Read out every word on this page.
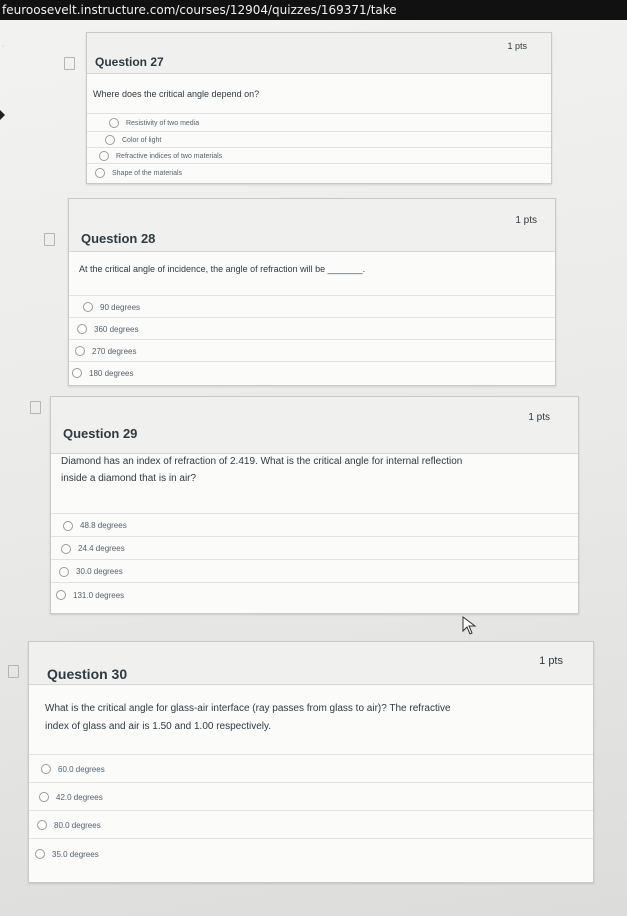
feuroosevelt.instructure.com/courses/12904/quizzes/169371/take
·
Question 27
1 pts
Where does the critical angle depend on?
Resistivity of two media
Color of light
Refractive indices of two materials
Shape of the materials
Question 28
1 pts
At the critical angle of incidence, the angle of refraction will be _______.
90 degrees
360 degrees
270 degrees
180 degrees
Question 29
1 pts
Diamond has an index of refraction of 2.419. What is the critical angle for internal reflection
inside a diamond that is in air?
48.8 degrees
24.4 degrees
30.0 degrees
131.0 degrees
Question 30
1 pts
What is the critical angle for glass-air interface (ray passes from glass to air)? The refractive
index of glass and air is 1.50 and 1.00 respectively.
60.0 degrees
42.0 degrees
80.0 degrees
35.0 degrees
